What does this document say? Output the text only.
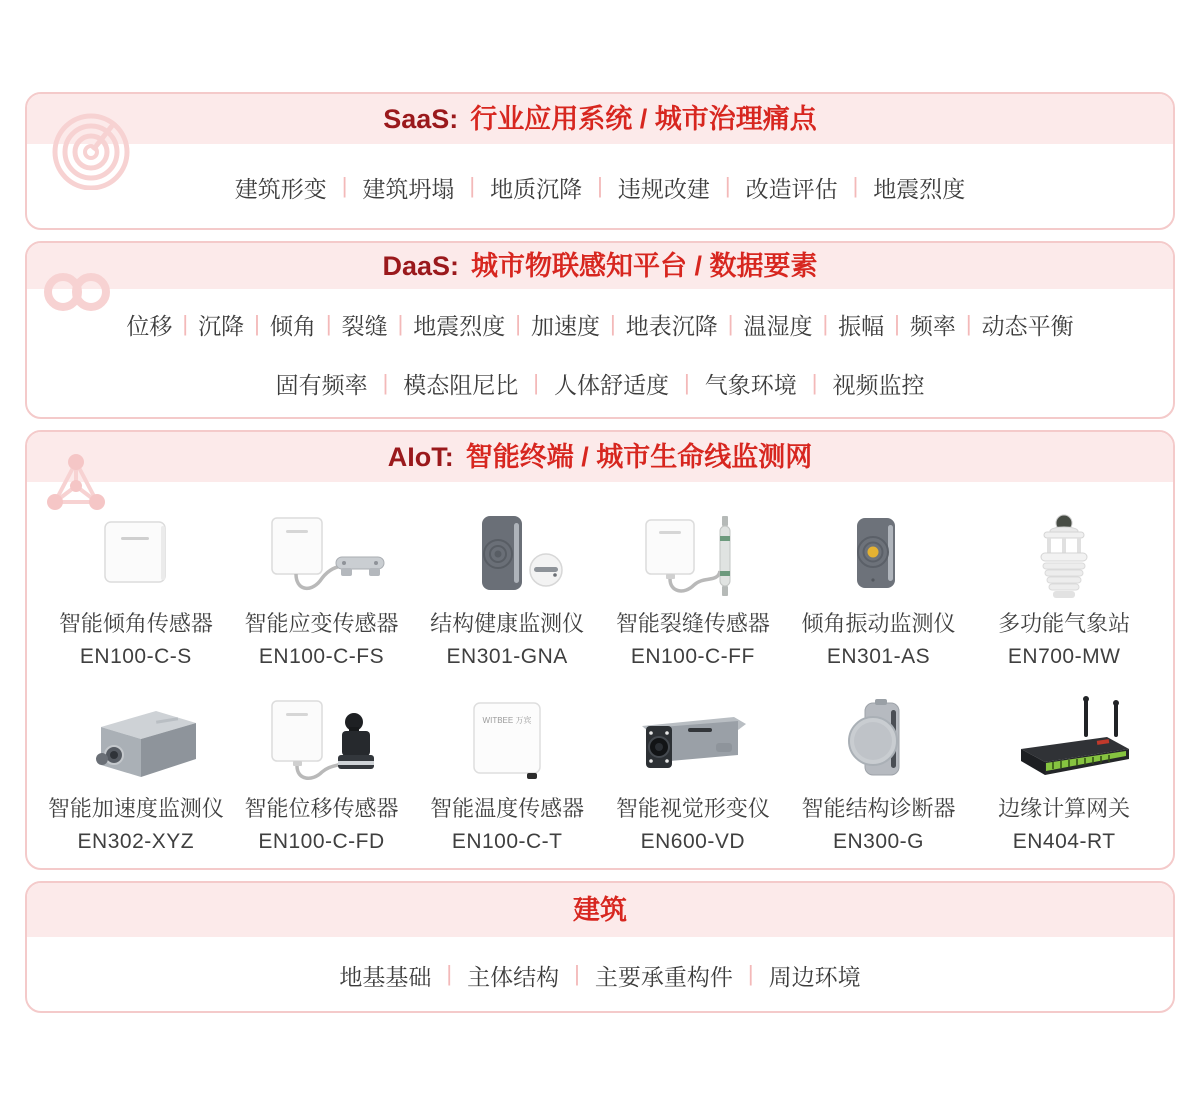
SaaS: 行业应用系统 / 城市治理痛点
建筑形变 |	建筑坍塌 |	地质沉降 |	违规改建 |	改造评估 |	地震烈度
DaaS: 城市物联感知平台 / 数据要素
位移 |	沉降 |	倾角 |	裂缝 |	地震烈度 |	加速度 |	地表沉降 |	温湿度 |	振幅 |	频率 |	动态平衡
固有频率 |	模态阻尼比 |	人体舒适度 |	气象环境 |	视频监控
AIoT: 智能终端 / 城市生命线监测网
智能倾角传感器
EN100-C-S
智能应变传感器
EN100-C-FS
结构健康监测仪
EN301-GNA
智能裂缝传感器
EN100-C-FF
倾角振动监测仪
EN301-AS
多功能气象站
EN700-MW
智能加速度监测仪
EN302-XYZ
智能位移传感器
EN100-C-FD
WITBEE 万宾
智能温度传感器
EN100-C-T
智能视觉形变仪
EN600-VD
智能结构诊断器
EN300-G
边缘计算网关
EN404-RT
建筑
地基基础 |	主体结构 |	主要承重构件 |	周边环境
